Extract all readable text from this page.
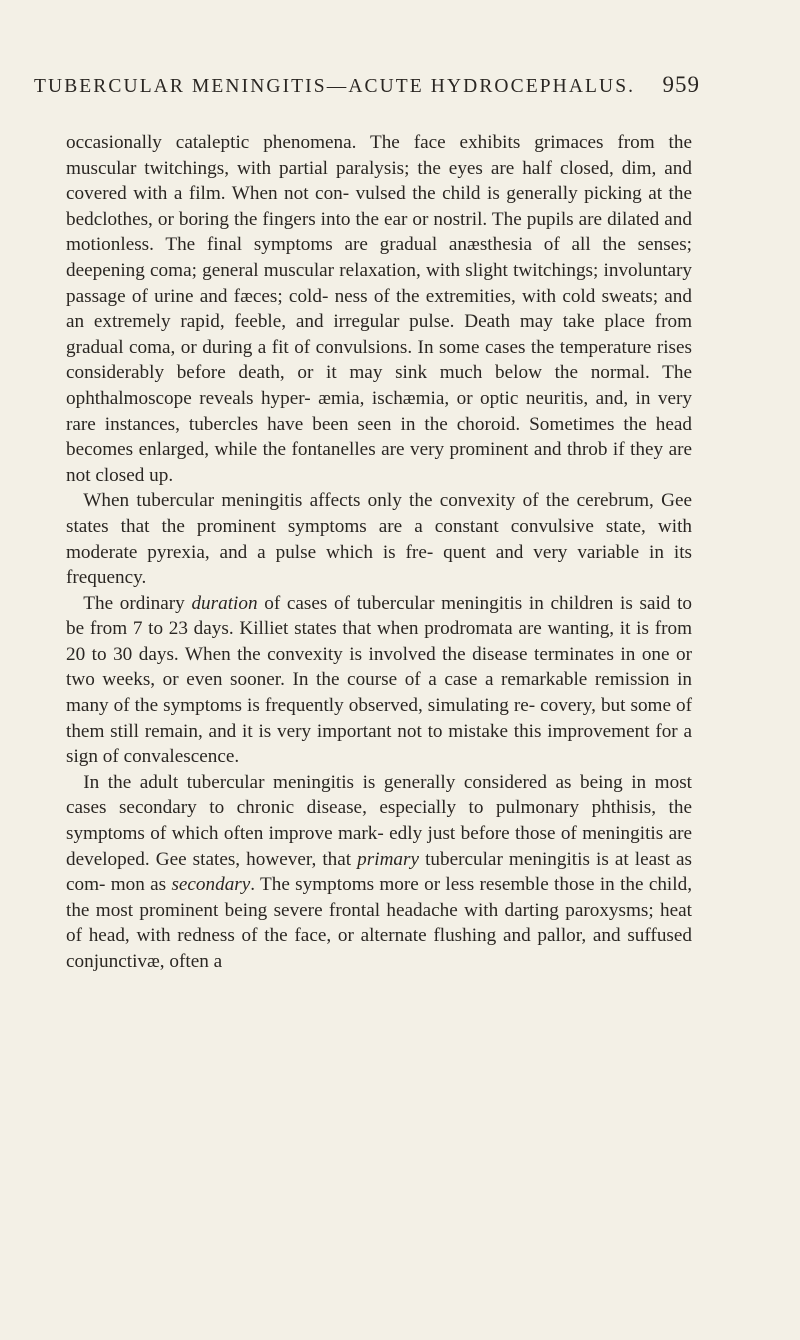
TUBERCULAR MENINGITIS—ACUTE HYDROCEPHALUS. 959

occasionally cataleptic phenomena. The face exhibits grimaces from the muscular twitchings, with partial paralysis; the eyes are half closed, dim, and covered with a film. When not con- vulsed the child is generally picking at the bedclothes, or boring the fingers into the ear or nostril. The pupils are dilated and motionless. The final symptoms are gradual anæsthesia of all the senses; deepening coma; general muscular relaxation, with slight twitchings; involuntary passage of urine and fæces; cold- ness of the extremities, with cold sweats; and an extremely rapid, feeble, and irregular pulse. Death may take place from gradual coma, or during a fit of convulsions. In some cases the temperature rises considerably before death, or it may sink much below the normal. The ophthalmoscope reveals hyper- æmia, ischæmia, or optic neuritis, and, in very rare instances, tubercles have been seen in the choroid. Sometimes the head becomes enlarged, while the fontanelles are very prominent and throb if they are not closed up.

When tubercular meningitis affects only the convexity of the cerebrum, Gee states that the prominent symptoms are a constant convulsive state, with moderate pyrexia, and a pulse which is fre- quent and very variable in its frequency.

The ordinary duration of cases of tubercular meningitis in children is said to be from 7 to 23 days. Killiet states that when prodromata are wanting, it is from 20 to 30 days. When the convexity is involved the disease terminates in one or two weeks, or even sooner. In the course of a case a remarkable remission in many of the symptoms is frequently observed, simulating re- covery, but some of them still remain, and it is very important not to mistake this improvement for a sign of convalescence.

In the adult tubercular meningitis is generally considered as being in most cases secondary to chronic disease, especially to pulmonary phthisis, the symptoms of which often improve mark- edly just before those of meningitis are developed. Gee states, however, that primary tubercular meningitis is at least as com- mon as secondary. The symptoms more or less resemble those in the child, the most prominent being severe frontal headache with darting paroxysms; heat of head, with redness of the face, or alternate flushing and pallor, and suffused conjunctivæ, often a
